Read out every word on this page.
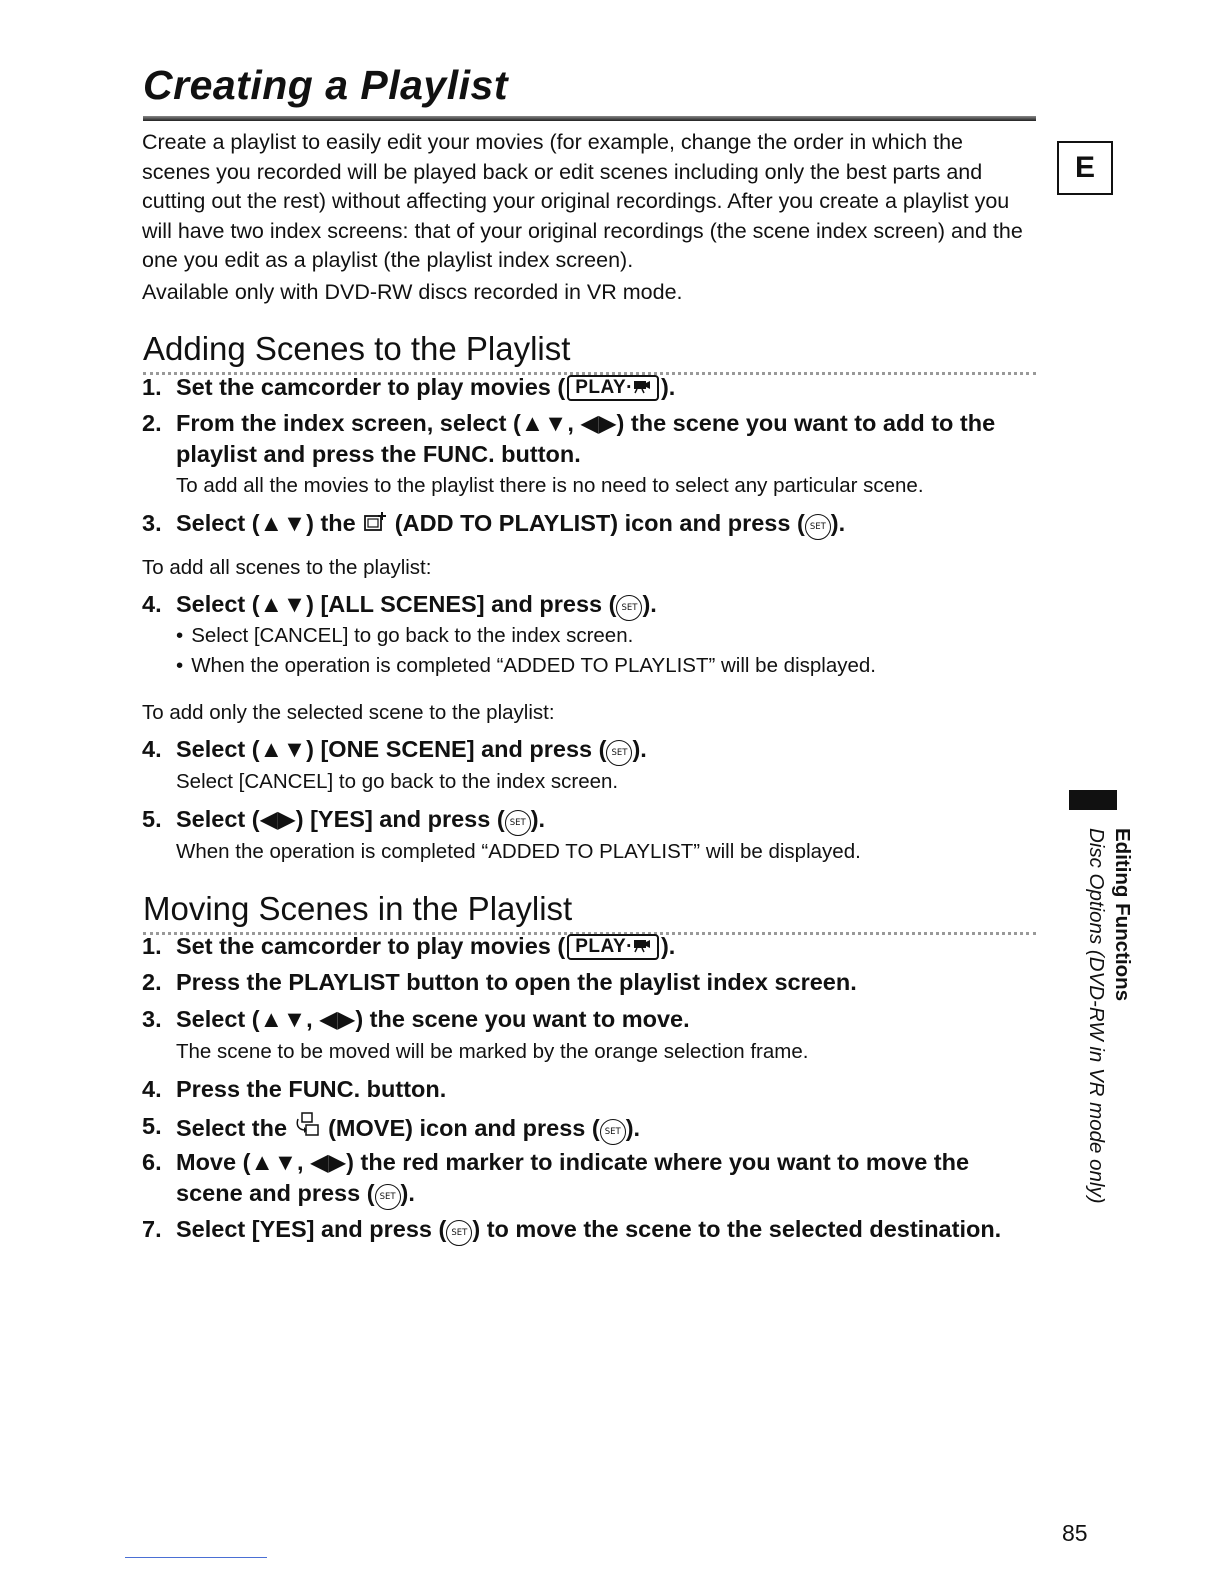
Creating a Playlist

Create a playlist to easily edit your movies (for example, change the order in which the scenes you recorded will be played back or edit scenes including only the best parts and cutting out the rest) without affecting your original recordings. After you create a playlist you will have two index screens: that of your original recordings (the scene index screen) and the one you edit as a playlist (the playlist index screen).

Available only with DVD-RW discs recorded in VR mode.

E
Adding Scenes to the Playlist
1. Set the camcorder to play movies ( PLAY· ).
2. From the index screen, select (▲▼, ◀▶) the scene you want to add to the playlist and press the FUNC. button.
To add all the movies to the playlist there is no need to select any particular scene.
3. Select (▲▼) the (ADD TO PLAYLIST) icon and press ( SET ).
To add all scenes to the playlist:
4. Select (▲▼) [ALL SCENES] and press ( SET ).
• Select [CANCEL] to go back to the index screen.
• When the operation is completed “ADDED TO PLAYLIST” will be displayed.
To add only the selected scene to the playlist:
4. Select (▲▼) [ONE SCENE] and press ( SET ).
Select [CANCEL] to go back to the index screen.
5. Select (◀▶) [YES] and press ( SET ).
When the operation is completed “ADDED TO PLAYLIST” will be displayed.
Moving Scenes in the Playlist
1. Set the camcorder to play movies ( PLAY· ).
2. Press the PLAYLIST button to open the playlist index screen.
3. Select (▲▼, ◀▶) the scene you want to move.
The scene to be moved will be marked by the orange selection frame.
4. Press the FUNC. button.
5. Select the (MOVE) icon and press ( SET ).
6. Move (▲▼, ◀▶) the red marker to indicate where you want to move the scene and press ( SET ).
7. Select [YES] and press ( SET ) to move the scene to the selected destination.
Editing Functions
Disc Options (DVD-RW in VR mode only)
85
